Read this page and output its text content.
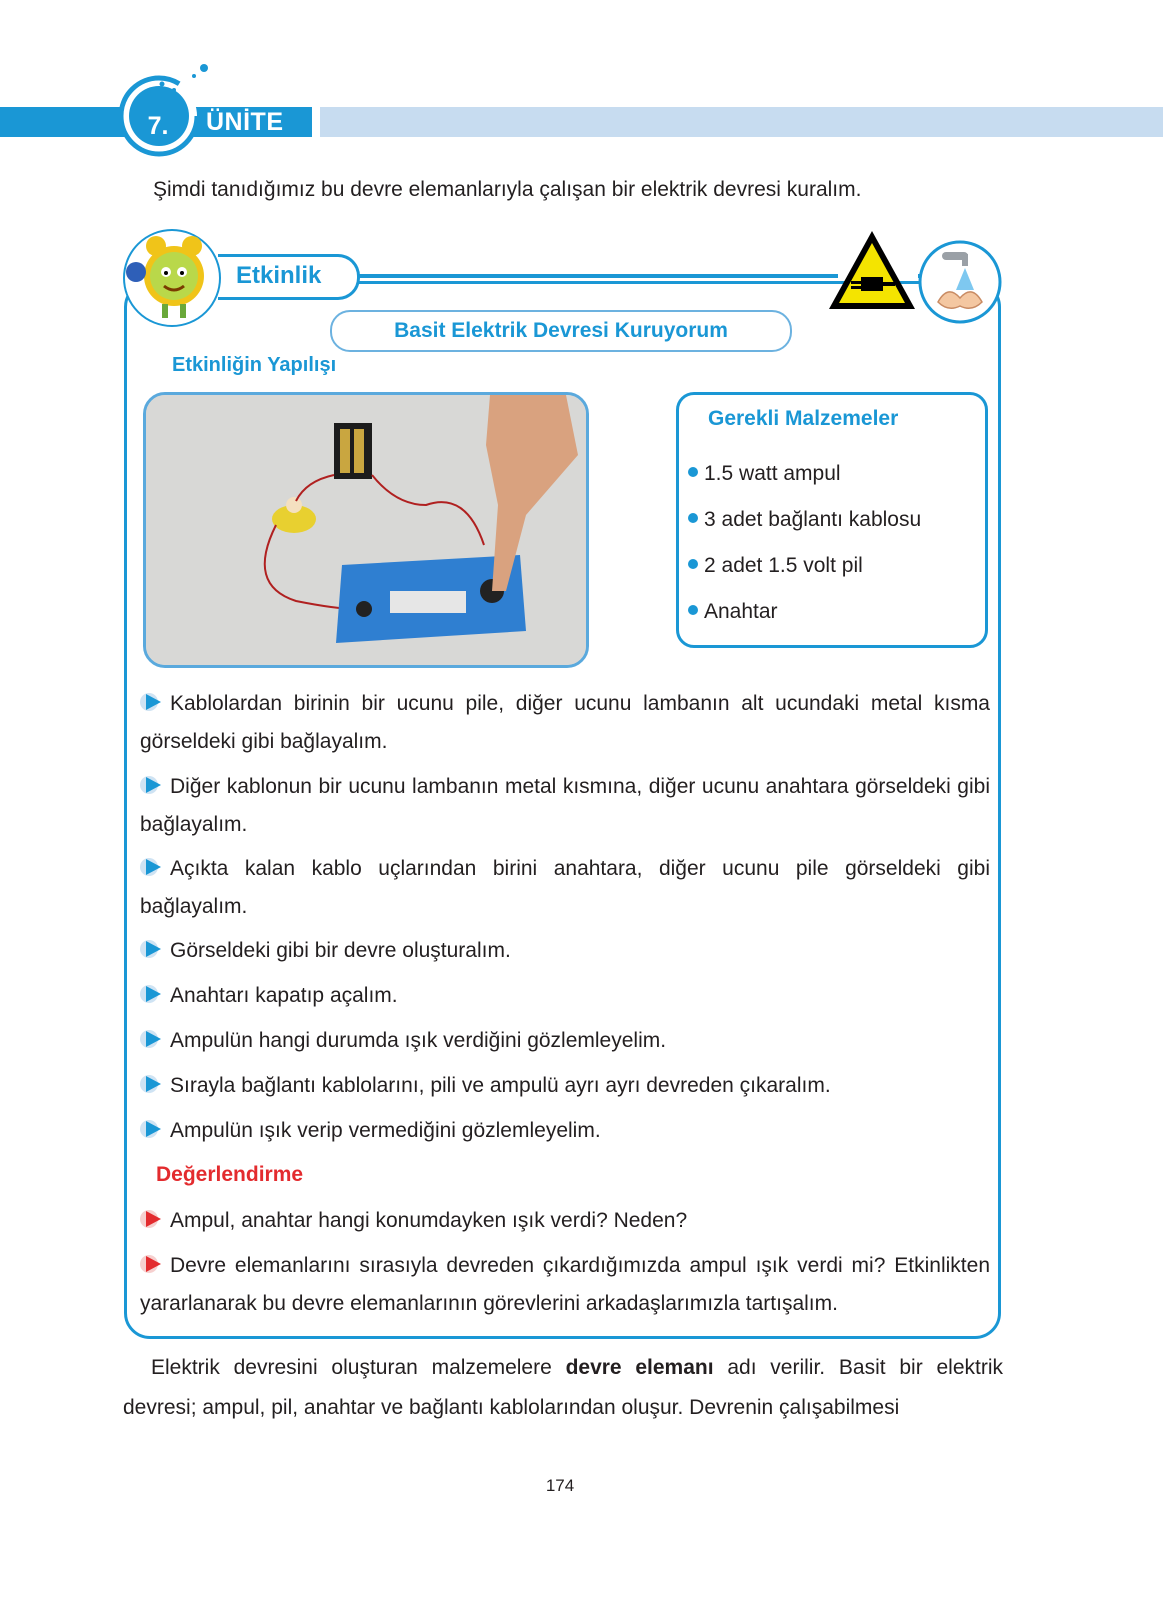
7.	ÜNİTE
Şimdi tanıdığımız bu devre elemanlarıyla çalışan bir elektrik devresi kuralım.
Etkinlik
Basit Elektrik Devresi Kuruyorum
Etkinliğin Yapılışı
Gerekli Malzemeler
1.5 watt ampul
3 adet bağlantı kablosu
2 adet 1.5 volt pil
Anahtar
Kablolardan birinin bir ucunu pile, diğer ucunu lambanın alt ucundaki metal kısma görseldeki gibi bağlayalım.
Diğer kablonun bir ucunu lambanın metal kısmına, diğer ucunu anahtara görseldeki gibi bağlayalım.
Açıkta kalan kablo uçlarından birini anahtara, diğer ucunu pile görseldeki gibi bağlayalım.
Görseldeki gibi bir devre oluşturalım.
Anahtarı kapatıp açalım.
Ampulün hangi durumda ışık verdiğini gözlemleyelim.
Sırayla bağlantı kablolarını, pili ve ampulü ayrı ayrı devreden çıkaralım.
Ampulün ışık verip vermediğini gözlemleyelim.
Değerlendirme
Ampul, anahtar hangi konumdayken ışık verdi? Neden?
Devre elemanlarını sırasıyla devreden çıkardığımızda ampul ışık verdi mi? Etkinlikten yararlanarak bu devre elemanlarının görevlerini arkadaşlarımızla tartışalım.
Elektrik devresini oluşturan malzemelere devre elemanı adı verilir. Basit bir elektrik devresi; ampul, pil, anahtar ve bağlantı kablolarından oluşur. Devrenin çalışabilmesi
174
